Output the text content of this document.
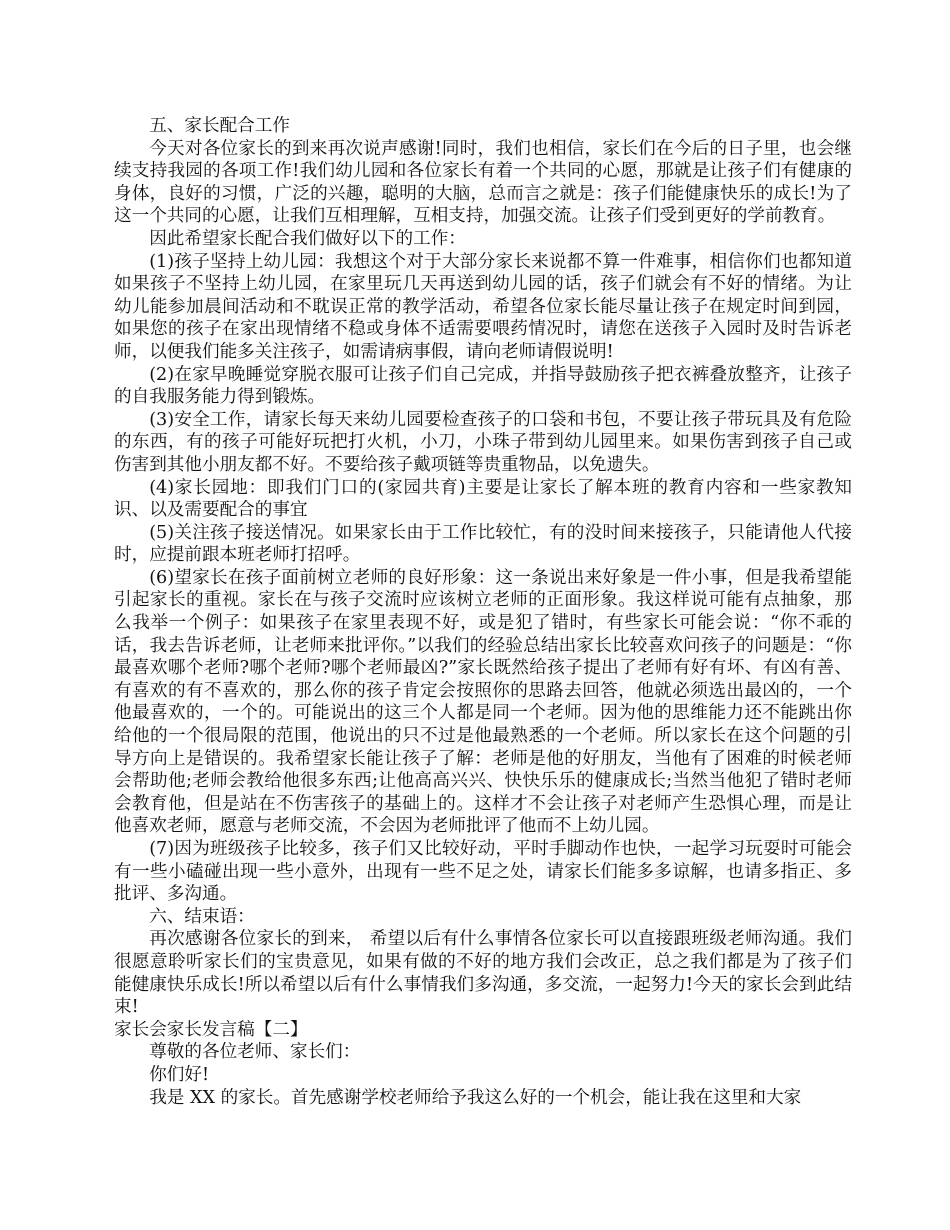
五、家长配合工作

今天对各位家长的到来再次说声感谢!同时，我们也相信，家长们在今后的日子里，也会继续支持我园的各项工作!我们幼儿园和各位家长有着一个共同的心愿，那就是让孩子们有健康的身体，良好的习惯，广泛的兴趣，聪明的大脑，总而言之就是：孩子们能健康快乐的成长!为了这一个共同的心愿，让我们互相理解，互相支持，加强交流。让孩子们受到更好的学前教育。

因此希望家长配合我们做好以下的工作：

(1)孩子坚持上幼儿园：我想这个对于大部分家长来说都不算一件难事，相信你们也都知道如果孩子不坚持上幼儿园，在家里玩几天再送到幼儿园的话，孩子们就会有不好的情绪。为让幼儿能参加晨间活动和不耽误正常的教学活动，希望各位家长能尽量让孩子在规定时间到园，如果您的孩子在家出现情绪不稳或身体不适需要喂药情况时，请您在送孩子入园时及时告诉老师，以便我们能多关注孩子，如需请病事假，请向老师请假说明!

(2)在家早晚睡觉穿脱衣服可让孩子们自己完成，并指导鼓励孩子把衣裤叠放整齐，让孩子的自我服务能力得到锻炼。

(3)安全工作，请家长每天来幼儿园要检查孩子的口袋和书包，不要让孩子带玩具及有危险的东西，有的孩子可能好玩把打火机，小刀，小珠子带到幼儿园里来。如果伤害到孩子自己或伤害到其他小朋友都不好。不要给孩子戴项链等贵重物品，以免遗失。

(4)家长园地：即我们门口的(家园共育)主要是让家长了解本班的教育内容和一些家教知识、以及需要配合的事宜

(5)关注孩子接送情况。如果家长由于工作比较忙，有的没时间来接孩子，只能请他人代接时，应提前跟本班老师打招呼。

(6)望家长在孩子面前树立老师的良好形象：这一条说出来好象是一件小事，但是我希望能引起家长的重视。家长在与孩子交流时应该树立老师的正面形象。我这样说可能有点抽象，那么我举一个例子：如果孩子在家里表现不好，或是犯了错时，有些家长可能会说：“你不乖的话，我去告诉老师，让老师来批评你。”以我们的经验总结出家长比较喜欢问孩子的问题是：“你最喜欢哪个老师?哪个老师?哪个老师最凶?”家长既然给孩子提出了老师有好有坏、有凶有善、有喜欢的有不喜欢的，那么你的孩子肯定会按照你的思路去回答，他就必须选出最凶的，一个他最喜欢的，一个的。可能说出的这三个人都是同一个老师。因为他的思维能力还不能跳出你给他的一个很局限的范围，他说出的只不过是他最熟悉的一个老师。所以家长在这个问题的引导方向上是错误的。我希望家长能让孩子了解：老师是他的好朋友，当他有了困难的时候老师会帮助他;老师会教给他很多东西;让他高高兴兴、快快乐乐的健康成长;当然当他犯了错时老师会教育他，但是站在不伤害孩子的基础上的。这样才不会让孩子对老师产生恐惧心理，而是让他喜欢老师，愿意与老师交流，不会因为老师批评了他而不上幼儿园。

(7)因为班级孩子比较多，孩子们又比较好动，平时手脚动作也快，一起学习玩耍时可能会有一些小磕碰出现一些小意外，出现有一些不足之处，请家长们能多多谅解，也请多指正、多批评、多沟通。

六、结束语：

再次感谢各位家长的到来， 希望以后有什么事情各位家长可以直接跟班级老师沟通。我们很愿意聆听家长们的宝贵意见，如果有做的不好的地方我们会改正，总之我们都是为了孩子们能健康快乐成长!所以希望以后有什么事情我们多沟通，多交流，一起努力!今天的家长会到此结束!

家长会家长发言稿【二】

尊敬的各位老师、家长们：

你们好!

我是 XX 的家长。首先感谢学校老师给予我这么好的一个机会，能让我在这里和大家
